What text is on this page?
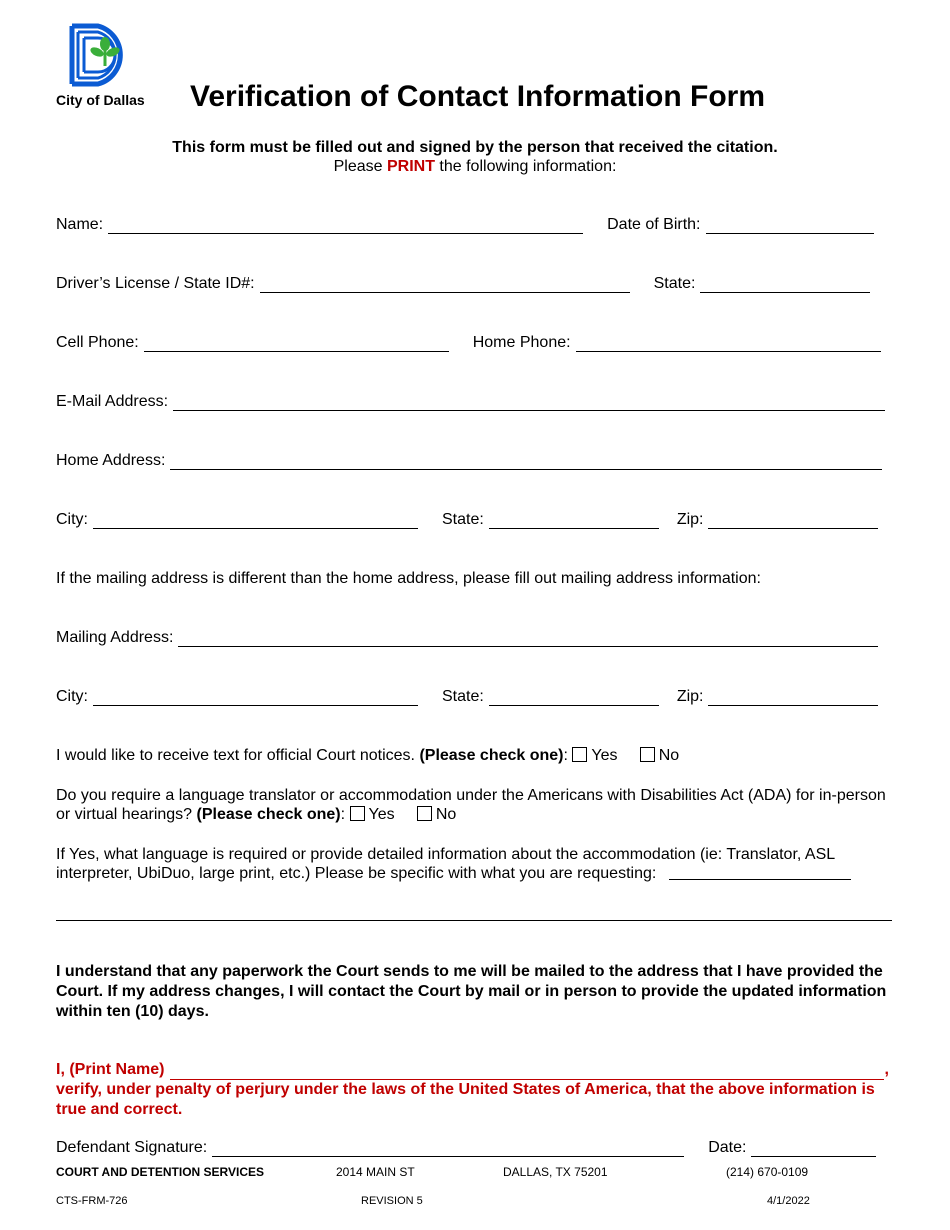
City of Dallas Verification of Contact Information Form
This form must be filled out and signed by the person that received the citation.
Please PRINT the following information:
Name:	Date of Birth:
Driver’s License / State ID#:	State:
Cell Phone:	Home Phone:
E-Mail Address:
Home Address:
City:	State:	Zip:
If the mailing address is different than the home address, please fill out mailing address information:
Mailing Address:
City:	State:	Zip:
I would like to receive text for official Court notices. (Please check one): Yes	No
Do you require a language translator or accommodation under the Americans with Disabilities Act (ADA) for in-person or virtual hearings? (Please check one): Yes	No
If Yes, what language is required or provide detailed information about the accommodation (ie: Translator, ASL interpreter, UbiDuo, large print, etc.) Please be specific with what you are requesting:
I understand that any paperwork the Court sends to me will be mailed to the address that I have provided the Court. If my address changes, I will contact the Court by mail or in person to provide the updated information within ten (10) days.
I, (Print Name)	,
verify, under penalty of perjury under the laws of the United States of America, that the above information is true and correct.
Defendant Signature:	Date:
COURT AND DETENTION SERVICES	2014 MAIN ST	DALLAS, TX 75201	(214) 670-0109
CTS-FRM-726	REVISION 5	4/1/2022
